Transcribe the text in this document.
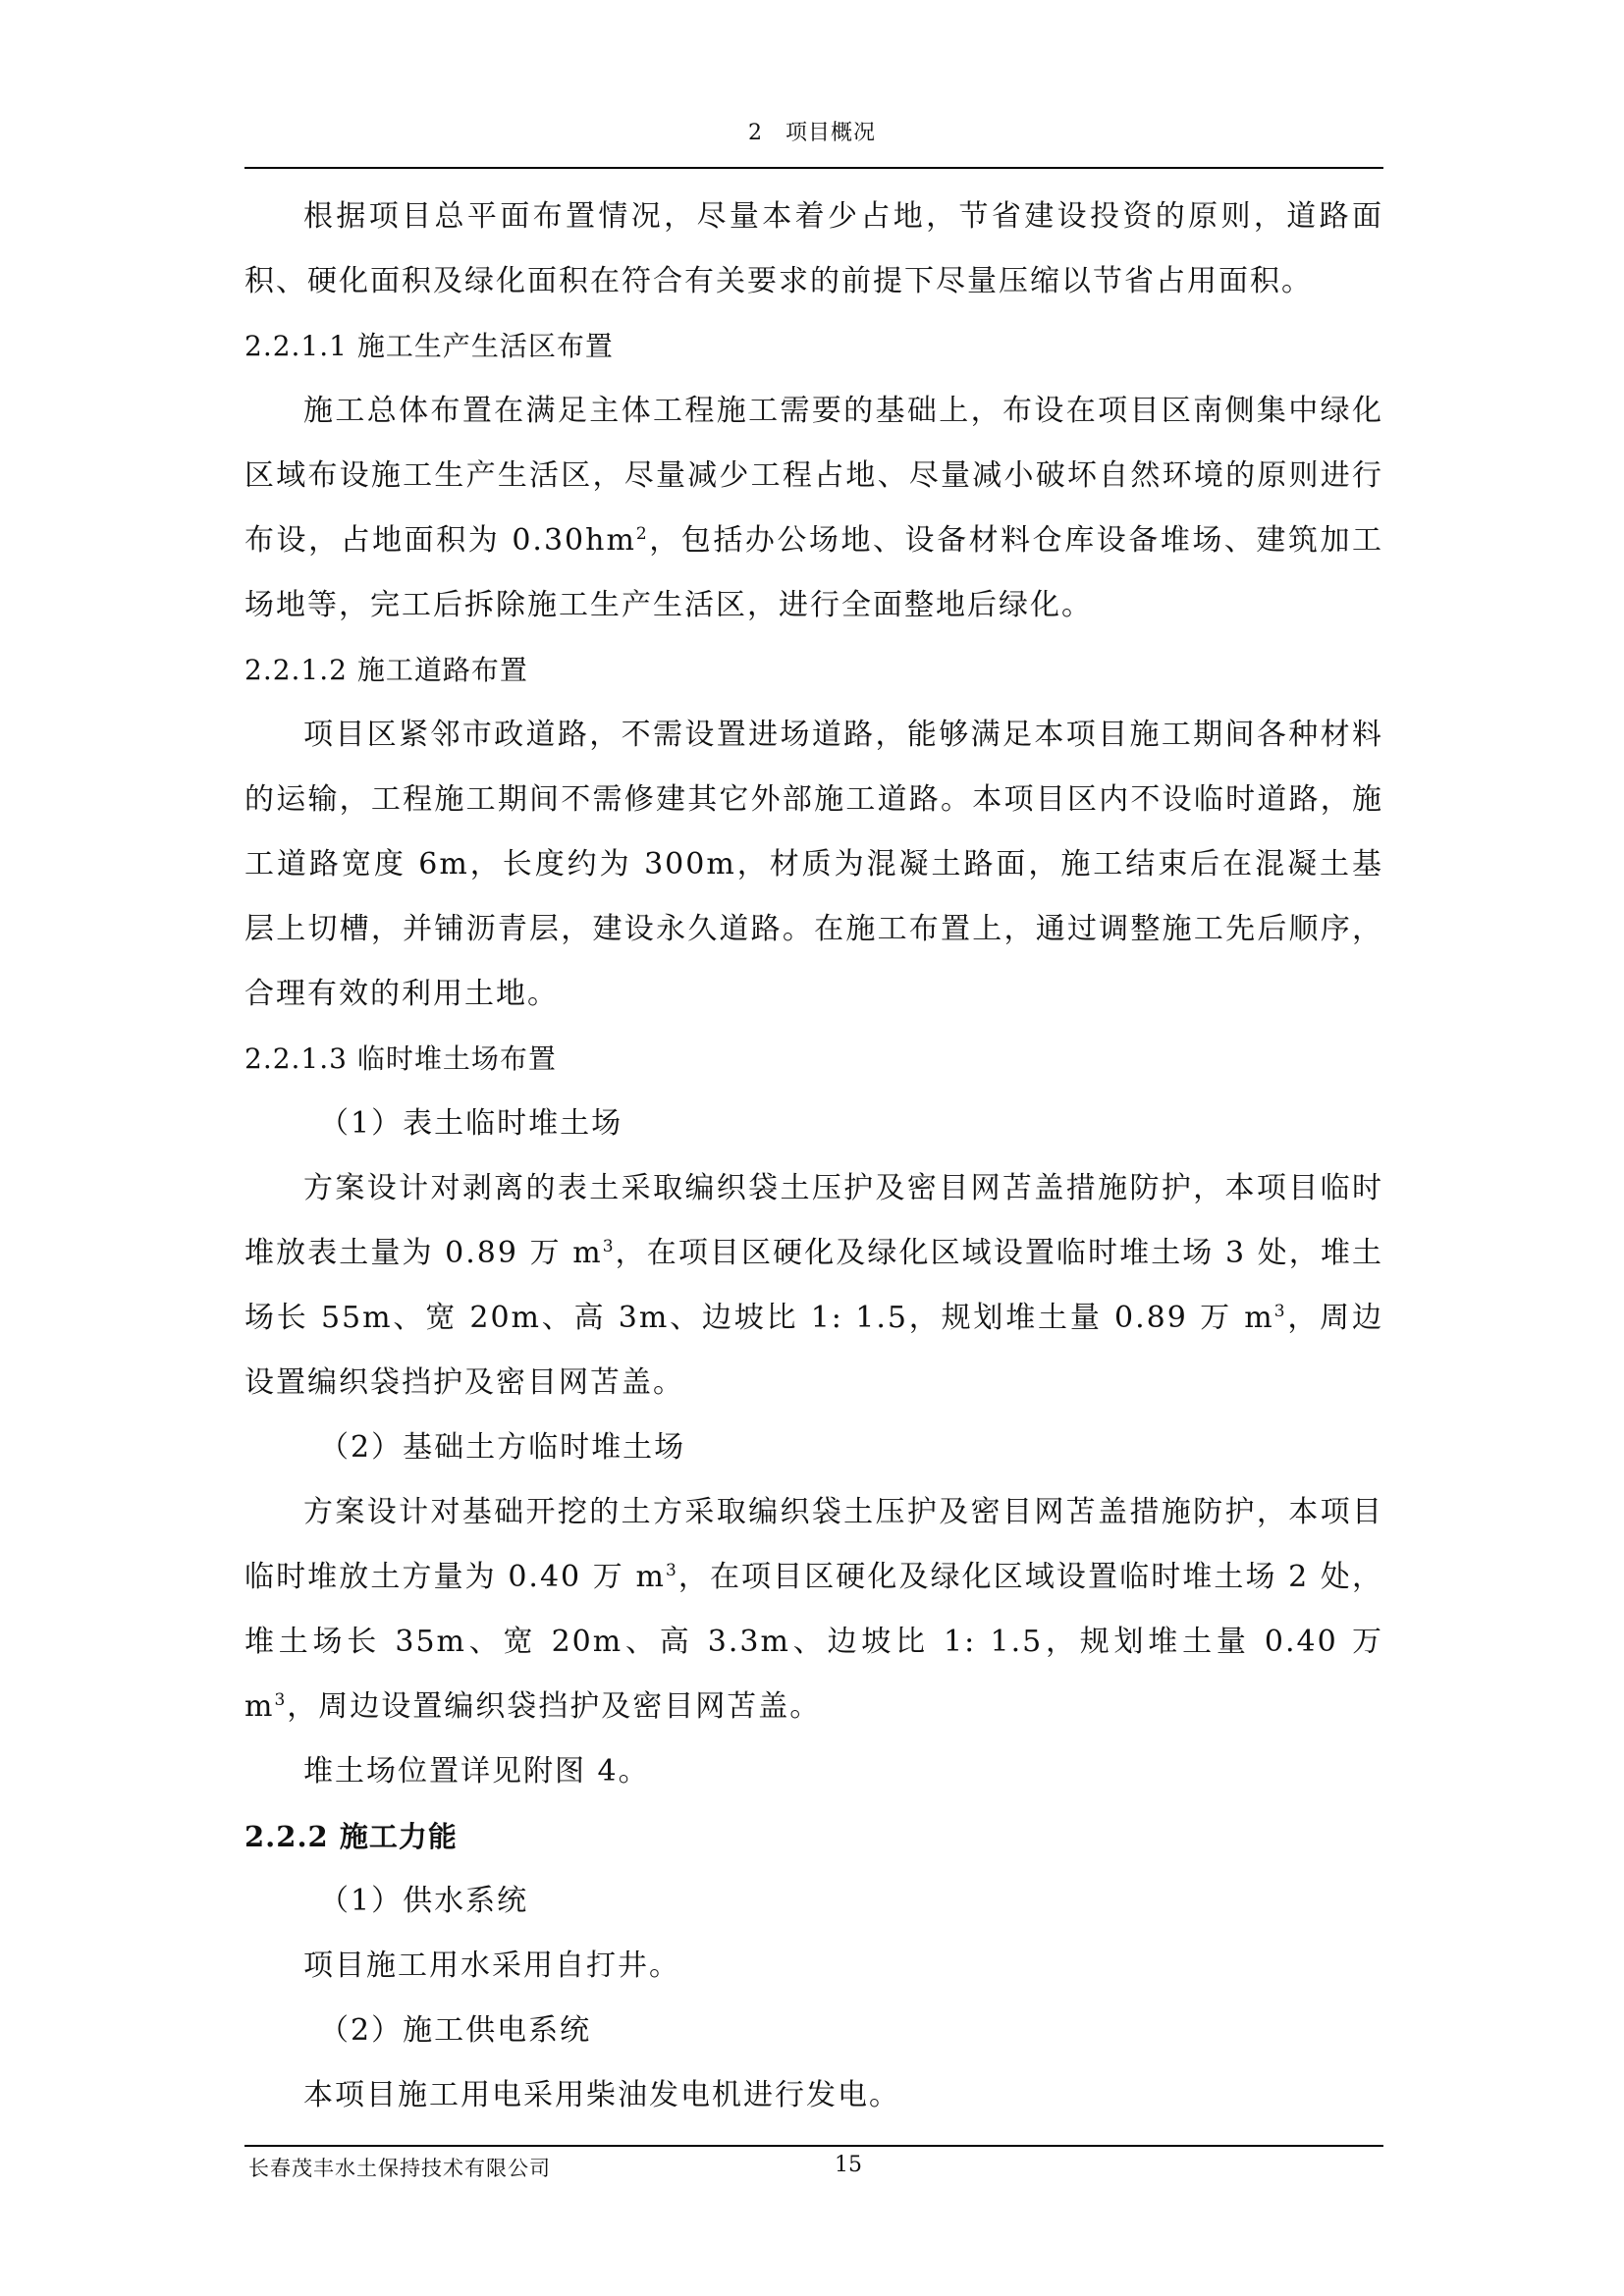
2　项目概况

根据项目总平面布置情况，尽量本着少占地，节省建设投资的原则，道路面积、硬化面积及绿化面积在符合有关要求的前提下尽量压缩以节省占用面积。

2.2.1.1 施工生产生活区布置

施工总体布置在满足主体工程施工需要的基础上，布设在项目区南侧集中绿化区域布设施工生产生活区，尽量减少工程占地、尽量减小破坏自然环境的原则进行布设，占地面积为 $0.30hm^2$，包括办公场地、设备材料仓库设备堆场、建筑加工场地等，完工后拆除施工生产生活区，进行全面整地后绿化。

2.2.1.2 施工道路布置

项目区紧邻市政道路，不需设置进场道路，能够满足本项目施工期间各种材料的运输，工程施工期间不需修建其它外部施工道路。本项目区内不设临时道路，施工道路宽度 6m，长度约为 300m，材质为混凝土路面，施工结束后在混凝土基层上切槽，并铺沥青层，建设永久道路。在施工布置上，通过调整施工先后顺序，合理有效的利用土地。

2.2.1.3 临时堆土场布置

（1）表土临时堆土场

方案设计对剥离的表土采取编织袋土压护及密目网苫盖措施防护，本项目临时堆放表土量为 0.89 万 $m^3$，在项目区硬化及绿化区域设置临时堆土场 3 处，堆土场长 55m、宽 20m、高 3m、边坡比 1: 1.5，规划堆土量 0.89 万 $m^3$，周边设置编织袋挡护及密目网苫盖。

（2）基础土方临时堆土场

方案设计对基础开挖的土方采取编织袋土压护及密目网苫盖措施防护，本项目临时堆放土方量为 0.40 万 $m^3$，在项目区硬化及绿化区域设置临时堆土场 2 处，堆土场长 35m、宽 20m、高 3.3m、边坡比 1: 1.5，规划堆土量 0.40 万 $m^3$，周边设置编织袋挡护及密目网苫盖。

堆土场位置详见附图 4。

2.2.2 施工力能

（1）供水系统

项目施工用水采用自打井。

（2）施工供电系统

本项目施工用电采用柴油发电机进行发电。

长春茂丰水土保持技术有限公司	15
